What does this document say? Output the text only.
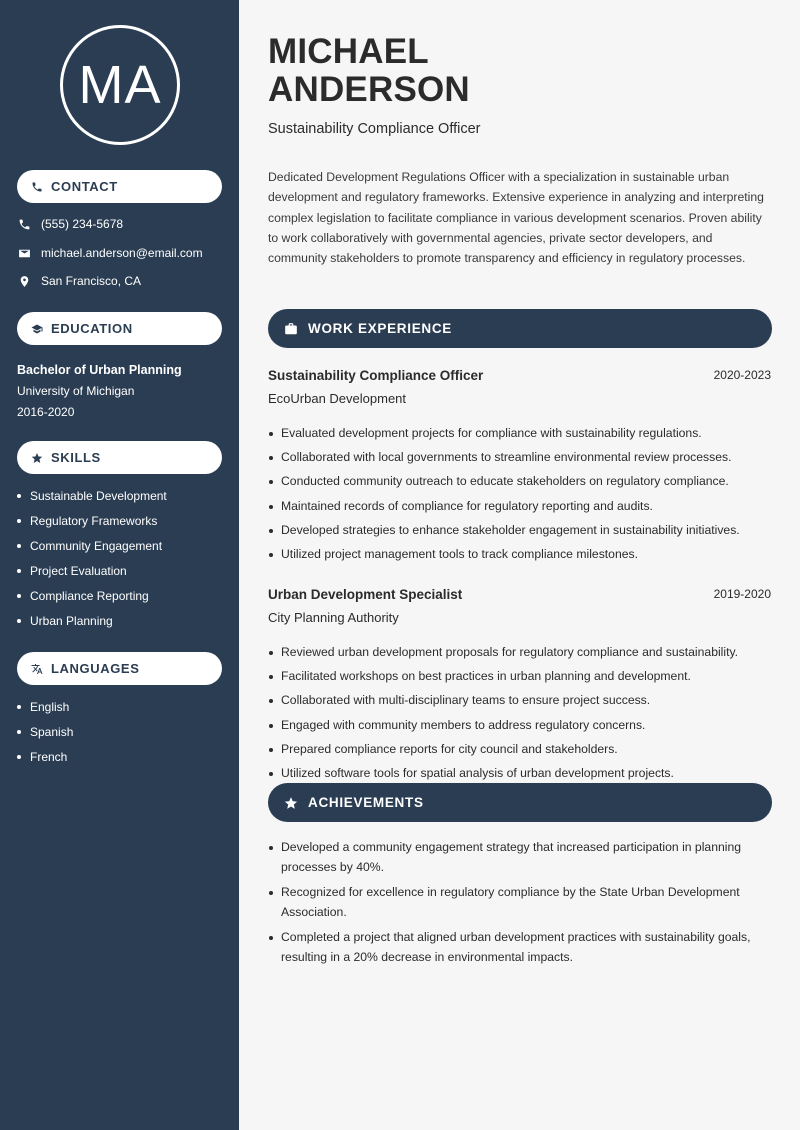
MA
CONTACT
(555) 234-5678
michael.anderson@email.com
San Francisco, CA
EDUCATION
Bachelor of Urban Planning
University of Michigan
2016-2020
SKILLS
Sustainable Development
Regulatory Frameworks
Community Engagement
Project Evaluation
Compliance Reporting
Urban Planning
LANGUAGES
English
Spanish
French
MICHAEL
ANDERSON
Sustainability Compliance Officer

Dedicated Development Regulations Officer with a specialization in sustainable urban development and regulatory frameworks. Extensive experience in analyzing and interpreting complex legislation to facilitate compliance in various development scenarios. Proven ability to work collaboratively with governmental agencies, private sector developers, and community stakeholders to promote transparency and efficiency in regulatory processes.

WORK EXPERIENCE
Sustainability Compliance Officer	2020-2023
EcoUrban Development
Evaluated development projects for compliance with sustainability regulations.
Collaborated with local governments to streamline environmental review processes.
Conducted community outreach to educate stakeholders on regulatory compliance.
Maintained records of compliance for regulatory reporting and audits.
Developed strategies to enhance stakeholder engagement in sustainability initiatives.
Utilized project management tools to track compliance milestones.
Urban Development Specialist	2019-2020
City Planning Authority
Reviewed urban development proposals for regulatory compliance and sustainability.
Facilitated workshops on best practices in urban planning and development.
Collaborated with multi-disciplinary teams to ensure project success.
Engaged with community members to address regulatory concerns.
Prepared compliance reports for city council and stakeholders.
Utilized software tools for spatial analysis of urban development projects.
ACHIEVEMENTS
Developed a community engagement strategy that increased participation in planning processes by 40%.
Recognized for excellence in regulatory compliance by the State Urban Development Association.
Completed a project that aligned urban development practices with sustainability goals, resulting in a 20% decrease in environmental impacts.
